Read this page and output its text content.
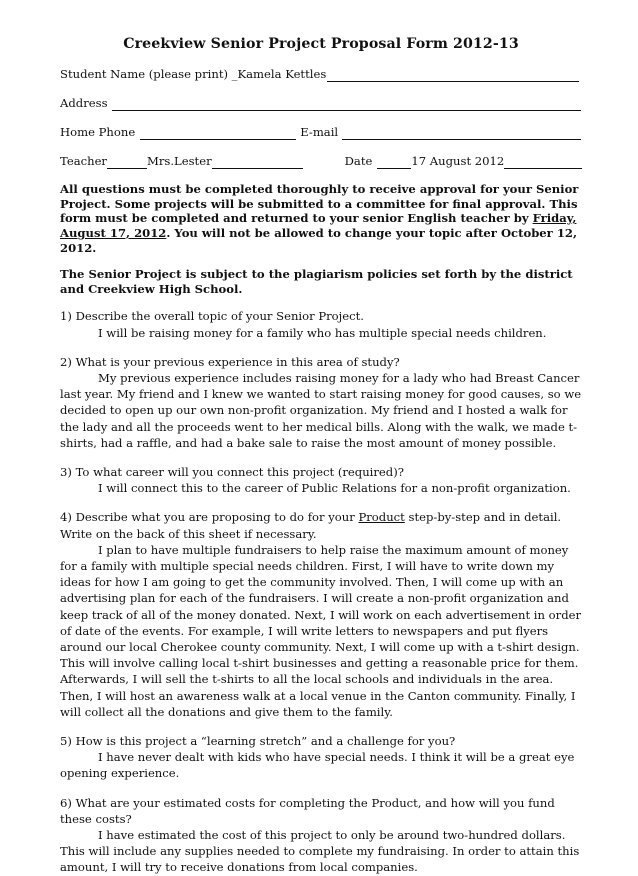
Creekview Senior Project Proposal Form 2012-13
Student Name (please print) _ Kamela Kettles
Address
Home Phone	E-mail
Teacher	Mrs.Lester	Date	17 August 2012
All questions must be completed thoroughly to receive approval for your Senior Project. Some projects will be submitted to a committee for final approval. This form must be completed and returned to your senior English teacher by Friday, August 17, 2012. You will not be allowed to change your topic after October 12, 2012.
The Senior Project is subject to the plagiarism policies set forth by the district and Creekview High School.

1) Describe the overall topic of your Senior Project.

I will be raising money for a family who has multiple special needs children.

2) What is your previous experience in this area of study?

My previous experience includes raising money for a lady who had Breast Cancer last year. My friend and I knew we wanted to start raising money for good causes, so we decided to open up our own non-profit organization. My friend and I hosted a walk for the lady and all the proceeds went to her medical bills. Along with the walk, we made t-shirts, had a raffle, and had a bake sale to raise the most amount of money possible.

3) To what career will you connect this project (required)?

I will connect this to the career of Public Relations for a non-profit organization.

4) Describe what you are proposing to do for your Product step-by-step and in detail. Write on the back of this sheet if necessary.

I plan to have multiple fundraisers to help raise the maximum amount of money for a family with multiple special needs children. First, I will have to write down my ideas for how I am going to get the community involved. Then, I will come up with an advertising plan for each of the fundraisers. I will create a non-profit organization and keep track of all of the money donated. Next, I will work on each advertisement in order of date of the events. For example, I will write letters to newspapers and put flyers around our local Cherokee county community. Next, I will come up with a t-shirt design. This will involve calling local t-shirt businesses and getting a reasonable price for them. Afterwards, I will sell the t-shirts to all the local schools and individuals in the area. Then, I will host an awareness walk at a local venue in the Canton community. Finally, I will collect all the donations and give them to the family.

5) How is this project a “learning stretch” and a challenge for you?

I have never dealt with kids who have special needs. I think it will be a great eye opening experience.

6) What are your estimated costs for completing the Product, and how will you fund these costs?

I have estimated the cost of this project to only be around two-hundred dollars. This will include any supplies needed to complete my fundraising. In order to attain this amount, I will try to receive donations from local companies.
